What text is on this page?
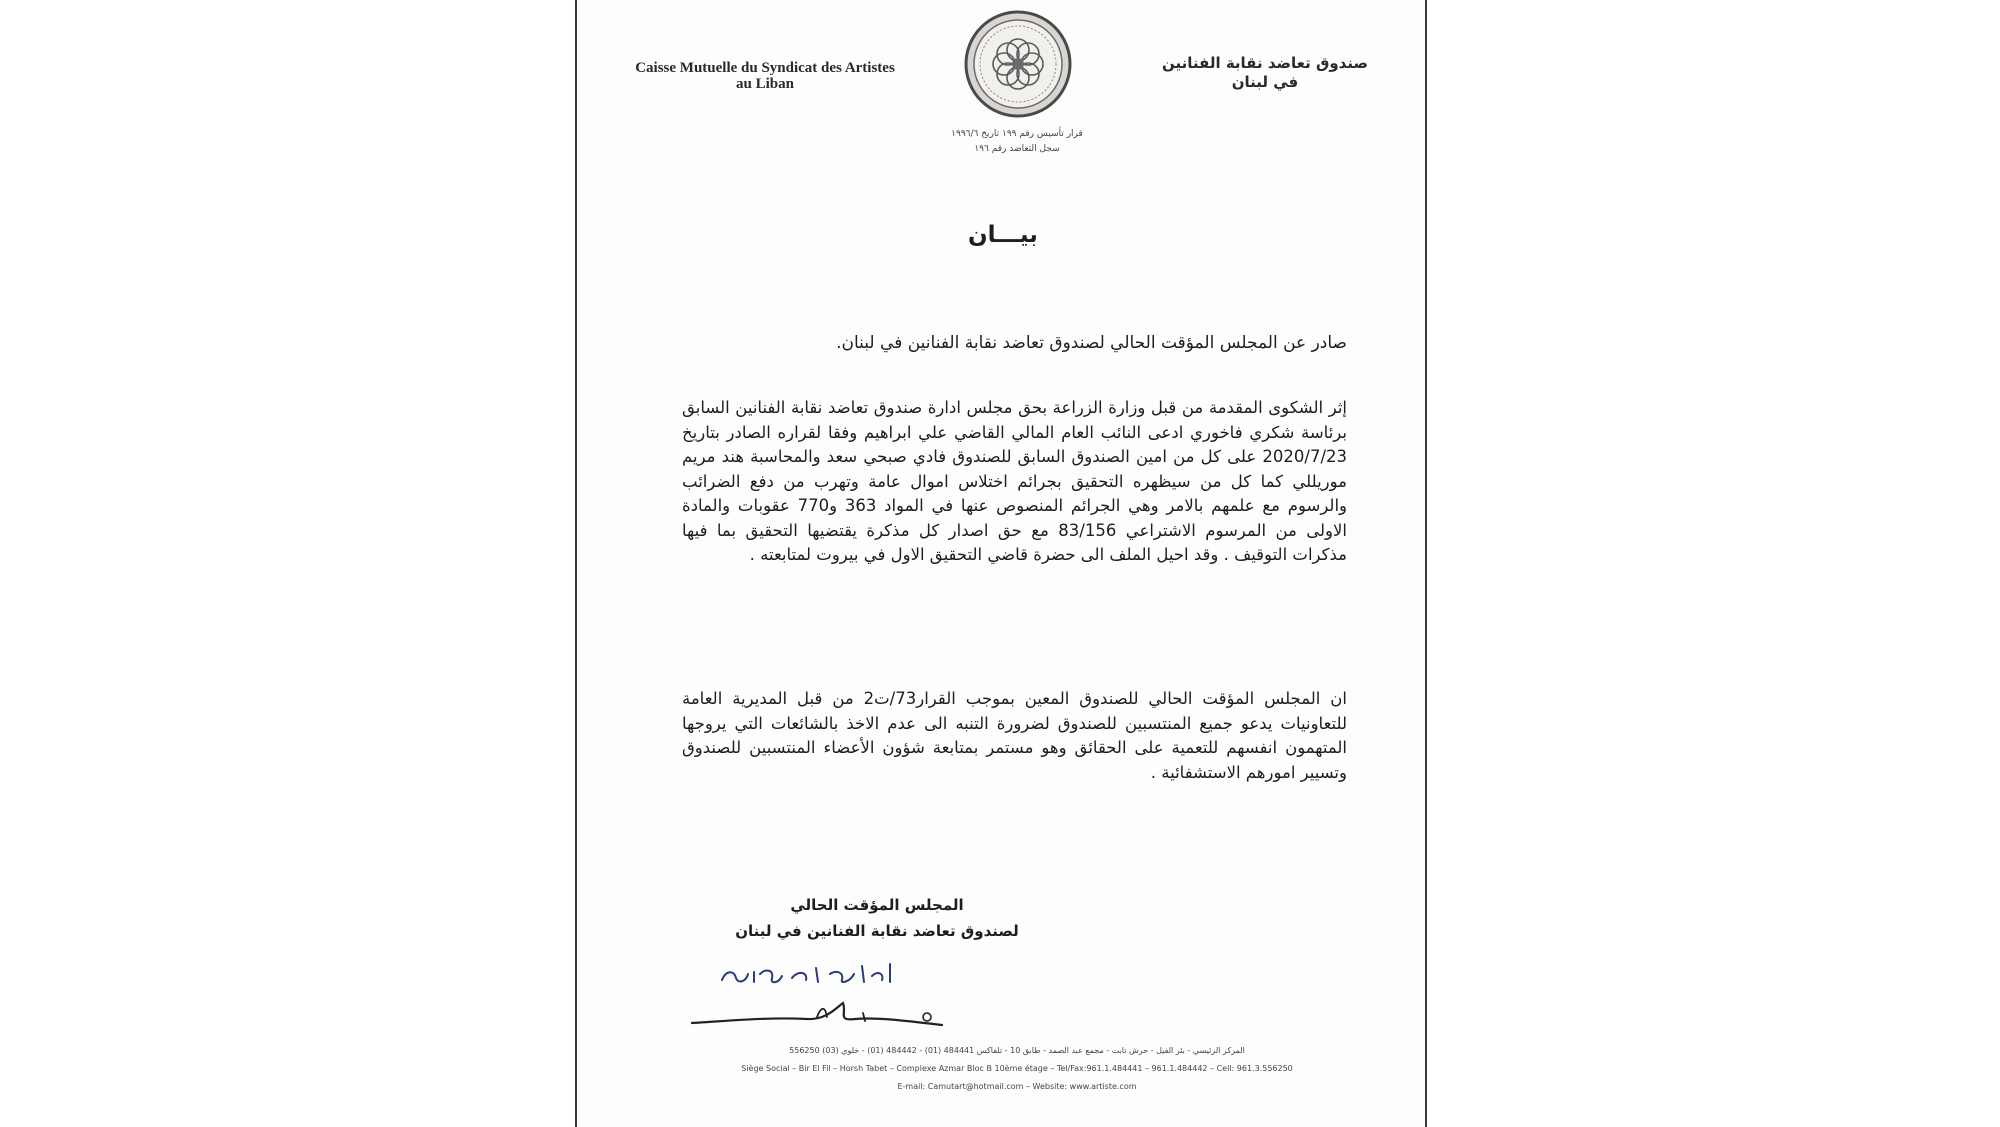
Caisse Mutuelle du Syndicat des Artistes
au Liban
صندوق تعاضد نقابة الفنانين
في لبنان
قرار تأسيس رقم ١٩٩ تاريخ ١٩٩٦/٦
سجل التعاضد رقم ١٩٦
بيـــان
صادر عن المجلس المؤقت الحالي لصندوق تعاضد نقابة الفنانين في لبنان.
إثر الشكوى المقدمة من قبل وزارة الزراعة بحق مجلس ادارة صندوق تعاضد نقابة الفنانين السابق برئاسة شكري فاخوري ادعى النائب العام المالي القاضي علي ابراهيم وفقا لقراره الصادر بتاريخ 2020/7/23 على كل من امين الصندوق السابق للصندوق فادي صبحي سعد والمحاسبة هند مريم موريللي كما كل من سيظهره التحقيق بجرائم اختلاس اموال عامة وتهرب من دفع الضرائب والرسوم مع علمهم بالامر وهي الجرائم المنصوص عنها في المواد 363 و770 عقوبات والمادة الاولى من المرسوم الاشتراعي 83/156 مع حق اصدار كل مذكرة يقتضيها التحقيق بما فيها مذكرات التوقيف . وقد احيل الملف الى حضرة قاضي التحقيق الاول في بيروت لمتابعته .
ان المجلس المؤقت الحالي للصندوق المعين بموجب القرار73/ت2 من قبل المديرية العامة للتعاونيات يدعو جميع المنتسبين للصندوق لضرورة التنبه الى عدم الاخذ بالشائعات التي يروجها المتهمون انفسهم للتعمية على الحقائق وهو مستمر بمتابعة شؤون الأعضاء المنتسبين للصندوق وتسيير امورهم الاستشفائية .
المجلس المؤقت الحالي
لصندوق تعاضد نقابة الفنانين في لبنان
المركز الرئيسي - بئر الفيل - حرش تابت - مجمع عبد الصمد - طابق 10 - تلفاكس 484441 (01) - 484442 (01) - خلوي (03) 556250
Siège Social – Bir El Fil – Horsh Tabet – Complexe Azmar Bloc B 10ème étage – Tel/Fax:961.1.484441 – 961.1.484442 – Cell: 961.3.556250
E-mail: Camutart@hotmail.com – Website: www.artiste.com
